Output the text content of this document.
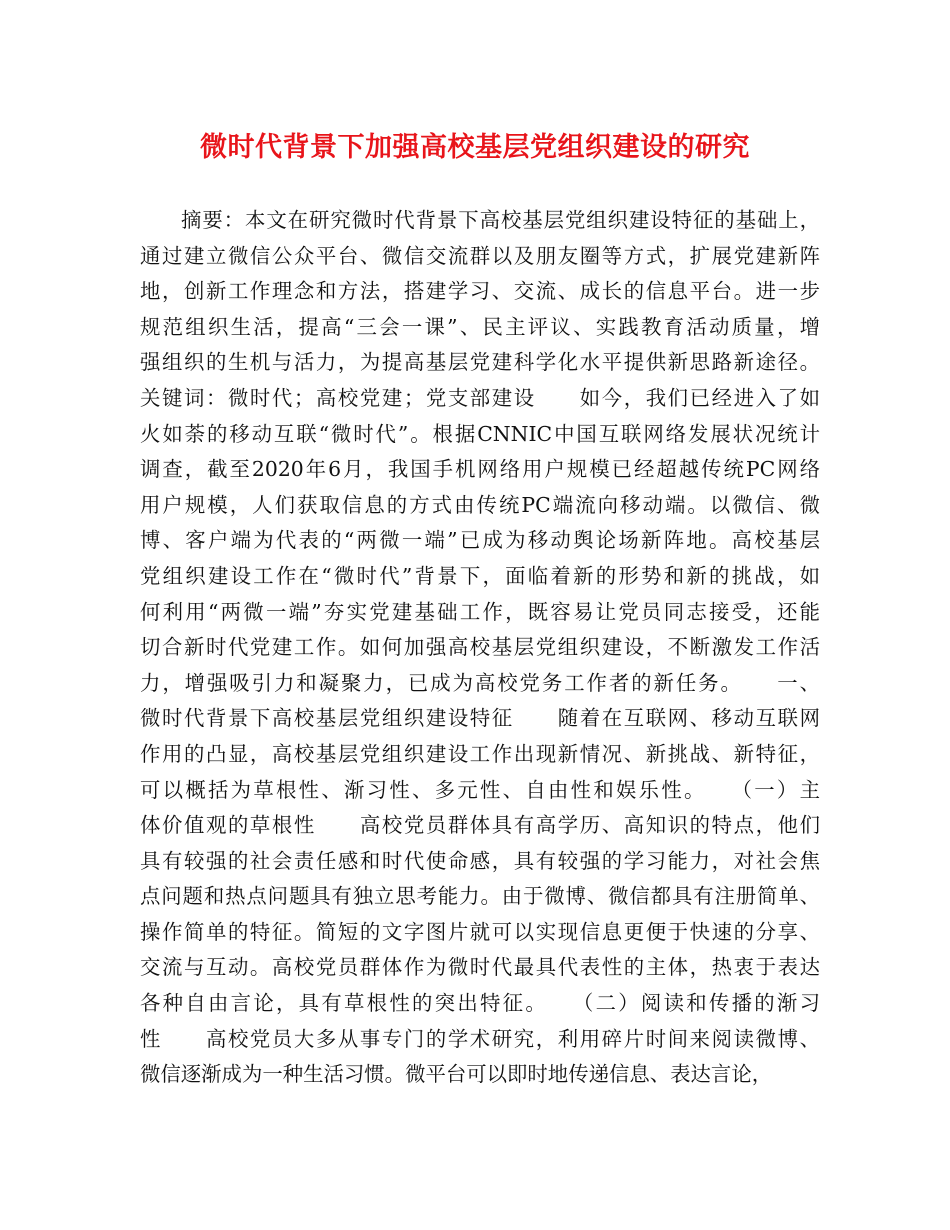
微时代背景下加强高校基层党组织建设的研究
摘要：本文在研究微时代背景下高校基层党组织建设特征的基础上，
通过建立微信公众平台、微信交流群以及朋友圈等方式，扩展党建新阵
地，创新工作理念和方法，搭建学习、交流、成长的信息平台。进一步
规范组织生活，提高“三会一课”、民主评议、实践教育活动质量，增
强组织的生机与活力，为提高基层党建科学化水平提供新思路新途径。
关键词：微时代；高校党建；党支部建设　　如今，我们已经进入了如
火如荼的移动互联“微时代”。根据CNNIC中国互联网络发展状况统计
调查，截至2020年6月，我国手机网络用户规模已经超越传统PC网络
用户规模，人们获取信息的方式由传统PC端流向移动端。以微信、微
博、客户端为代表的“两微一端”已成为移动舆论场新阵地。高校基层
党组织建设工作在“微时代”背景下，面临着新的形势和新的挑战，如
何利用“两微一端”夯实党建基础工作，既容易让党员同志接受，还能
切合新时代党建工作。如何加强高校基层党组织建设，不断激发工作活
力，增强吸引力和凝聚力，已成为高校党务工作者的新任务。　　一、
微时代背景下高校基层党组织建设特征　　随着在互联网、移动互联网
作用的凸显，高校基层党组织建设工作出现新情况、新挑战、新特征，
可以概括为草根性、渐习性、多元性、自由性和娱乐性。　　（一）主
体价值观的草根性　　高校党员群体具有高学历、高知识的特点，他们
具有较强的社会责任感和时代使命感，具有较强的学习能力，对社会焦
点问题和热点问题具有独立思考能力。由于微博、微信都具有注册简单、
操作简单的特征。简短的文字图片就可以实现信息更便于快速的分享、
交流与互动。高校党员群体作为微时代最具代表性的主体，热衷于表达
各种自由言论，具有草根性的突出特征。　　（二）阅读和传播的渐习
性　　高校党员大多从事专门的学术研究，利用碎片时间来阅读微博、
微信逐渐成为一种生活习惯。微平台可以即时地传递信息、表达言论，
